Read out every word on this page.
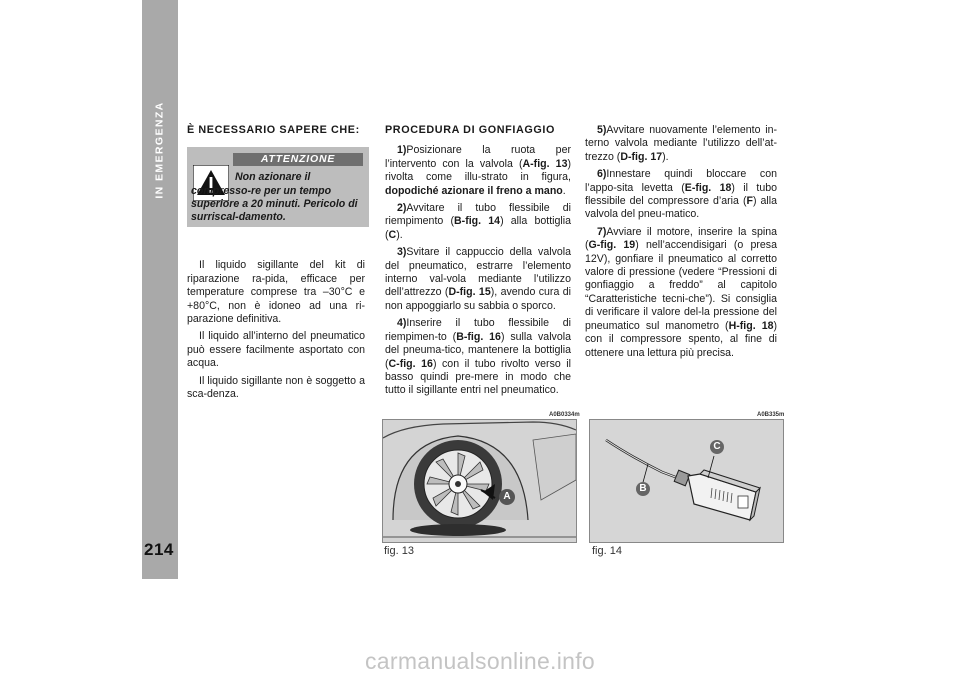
IN EMERGENZA
214
È NECESSARIO SAPERE CHE:
ATTENZIONE
Non azionare il compresso-re per un tempo superiore a 20 minuti. Pericolo di surriscal-damento.

Il liquido sigillante del kit di riparazione ra-pida, efficace per temperature comprese tra –30°C e +80°C, non è idoneo ad una ri-parazione definitiva.

Il liquido all’interno del pneumatico può essere facilmente asportato con acqua.

Il liquido sigillante non è soggetto a sca-denza.

PROCEDURA DI GONFIAGGIO

1)Posizionare la ruota per l’intervento con la valvola (A-fig. 13) rivolta come illu-strato in figura, dopodiché azionare il freno a mano.

2)Avvitare il tubo flessibile di riempimento (B-fig. 14) alla bottiglia (C).

3)Svitare il cappuccio della valvola del pneumatico, estrarre l’elemento interno val-vola mediante l’utilizzo dell’attrezzo (D-fig. 15), avendo cura di non appoggiarlo su sabbia o sporco.

4)Inserire il tubo flessibile di riempimen-to (B-fig. 16) sulla valvola del pneuma-tico, mantenere la bottiglia (C-fig. 16) con il tubo rivolto verso il basso quindi pre-mere in modo che tutto il sigillante entri nel pneumatico.

5)Avvitare nuovamente l’elemento in-terno valvola mediante l’utilizzo dell’at-trezzo (D-fig. 17).

6)Innestare quindi bloccare con l’appo-sita levetta (E-fig. 18) il tubo flessibile del compressore d’aria (F) alla valvola del pneu-matico.

7)Avviare il motore, inserire la spina (G-fig. 19) nell’accendisigari (o presa 12V), gonfiare il pneumatico al corretto valore di pressione (vedere “Pressioni di gonfiaggio a freddo” al capitolo “Caratteristiche tecni-che”). Si consiglia di verificare il valore del-la pressione del pneumatico sul manometro (H-fig. 18) con il compressore spento, al fine di ottenere una lettura più precisa.

A0B0334m
A
fig. 13
A0B335m
C
B
fig. 14
carmanualsonline.info
